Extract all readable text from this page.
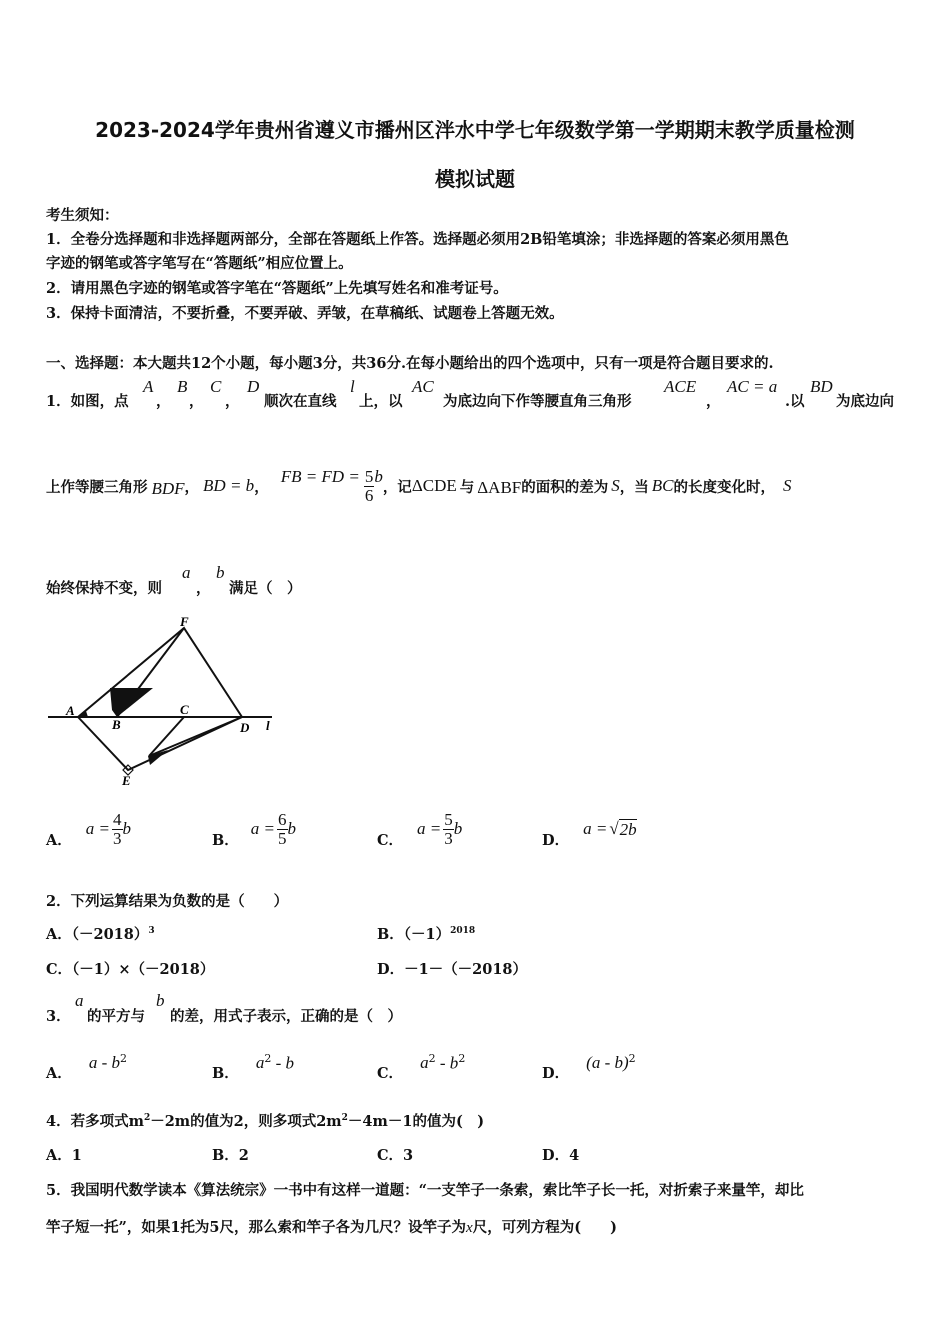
2023-2024学年贵州省遵义市播州区泮水中学七年级数学第一学期期末教学质量检测
模拟试题
考生须知：
1．全卷分选择题和非选择题两部分，全部在答题纸上作答。选择题必须用2B铅笔填涂；非选择题的答案必须用黑色
字迹的钢笔或答字笔写在“答题纸”相应位置上。
2．请用黑色字迹的钢笔或答字笔在“答题纸”上先填写姓名和准考证号。
3．保持卡面清洁，不要折叠，不要弄破、弄皱，在草稿纸、试题卷上答题无效。
一、选择题：本大题共12个小题，每小题3分，共36分.在每小题给出的四个选项中，只有一项是符合题目要求的.
1．如图，点
A
，
B
，
C
，
D
顺次在直线
l
上，以
AC
为底边向下作等腰直角三角形
ACE
，
AC = a
.以
BD
为底边向
上作等腰三角形 BDF ， BD = b ，
FB = FD = $\frac{5}{6}$ b
，记 ΔCDE 与 ΔABF 的面积的差为 S ，当 BC 的长度变化时， S
始终保持不变，则
a
，
b
满足（　）
F
A
B
C
D l
E
A．
$a = \frac{4}{3}$ b
B．
$a = \frac{6}{5}$ b
C．
$a = \frac{5}{3}$ b
D．
a = √ 2b
2．下列运算结果为负数的是（　　）
A．$(-2018)^3$	B．$(-1)^{2018}$
C．（－1）×（－2018）	D．－1－（－2018）
3．
a
的平方与
b
的差，用式子表示，正确的是（　）
A． a - $b^2$
B． $a^2$ - b
C． $a^2 - b^2$
D． (a - b)$^2$
4．若多项式$m^2-2m$的值为2，则多项式$2m^2-4m-1$的值为(　)
A．1	B．2	C．3	D．4
5．我国明代数学读本《算法统宗》一书中有这样一道题：“一支竿子一条索，索比竿子长一托，对折索子来量竿，却比
竿子短一托”，如果1托为5尺，那么索和竿子各为几尺？设竿子为x尺，可列方程为(　　)
